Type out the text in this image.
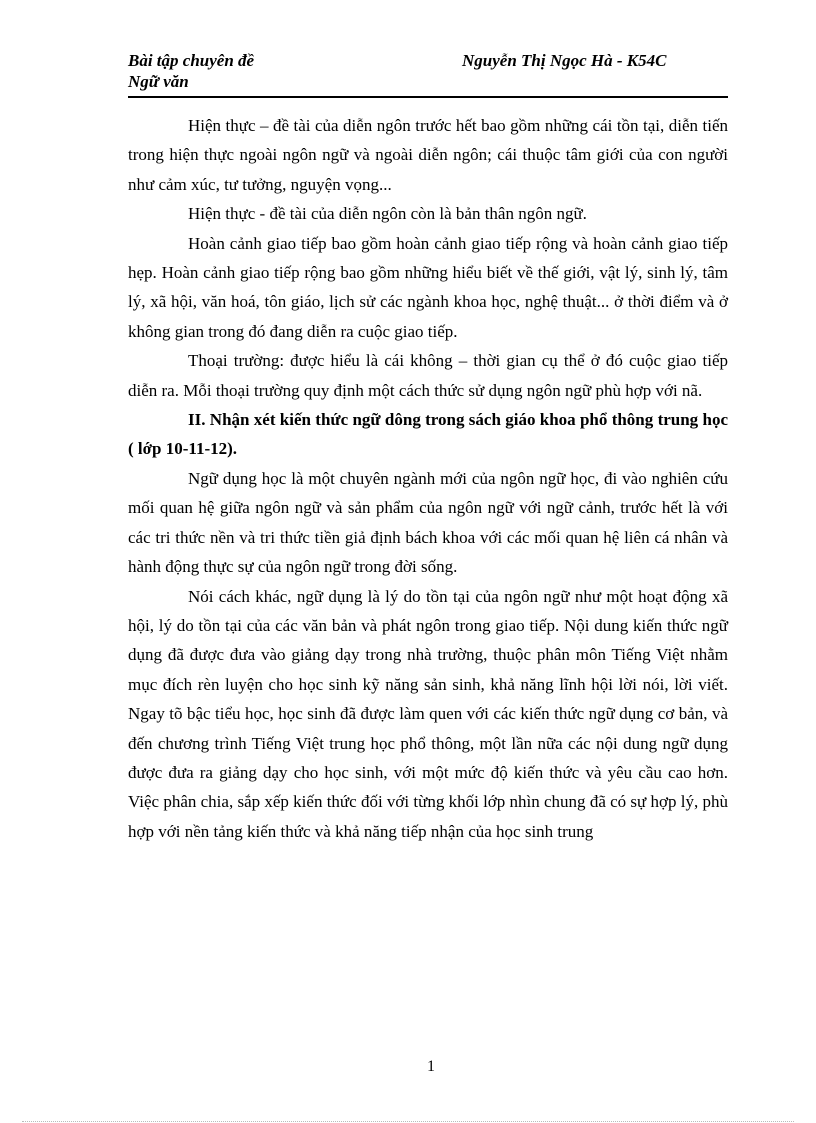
Bài tập chuyên đề
Ngữ văn
Nguyễn Thị Ngọc Hà - K54C

Hiện thực – đề tài của diễn ngôn trước hết bao gồm những cái tồn tại, diễn tiến trong hiện thực ngoài ngôn ngữ và ngoài diễn ngôn; cái thuộc tâm giới của con người như cảm xúc, tư tưởng, nguyện vọng...

Hiện thực - đề tài của diễn ngôn còn là bản thân ngôn ngữ.

Hoàn cảnh giao tiếp bao gồm hoàn cảnh giao tiếp rộng và hoàn cảnh giao tiếp hẹp. Hoàn cảnh giao tiếp rộng bao gồm những hiểu biết về thế giới, vật lý, sinh lý, tâm lý, xã hội, văn hoá, tôn giáo, lịch sử các ngành khoa học, nghệ thuật... ở thời điểm và ở không gian trong đó đang diễn ra cuộc giao tiếp.

Thoại trường: được hiểu là cái không – thời gian cụ thể ở đó cuộc giao tiếp diễn ra. Mỗi thoại trường quy định một cách thức sử dụng ngôn ngữ phù hợp với nã.

II. Nhận xét kiến thức ngữ dông trong sách giáo khoa phổ thông trung học ( lớp 10-11-12).

Ngữ dụng học là một chuyên ngành mới của ngôn ngữ học, đi vào nghiên cứu mối quan hệ giữa ngôn ngữ và sản phẩm của ngôn ngữ với ngữ cảnh, trước hết là với các tri thức nền và tri thức tiền giả định bách khoa với các mối quan hệ liên cá nhân và hành động thực sự của ngôn ngữ trong đời sống.

Nói cách khác, ngữ dụng là lý do tồn tại của ngôn ngữ như một hoạt động xã hội, lý do tồn tại của các văn bản và phát ngôn trong giao tiếp. Nội dung kiến thức ngữ dụng đã được đưa vào giảng dạy trong nhà trường, thuộc phân môn Tiếng Việt nhằm mục đích rèn luyện cho học sinh kỹ năng sản sinh, khả năng lĩnh hội lời nói, lời viết. Ngay tõ bậc tiểu học, học sinh đã được làm quen với các kiến thức ngữ dụng cơ bản, và đến chương trình Tiếng Việt trung học phổ thông, một lần nữa các nội dung ngữ dụng được đưa ra giảng dạy cho học sinh, với một mức độ kiến thức và yêu cầu cao hơn. Việc phân chia, sắp xếp kiến thức đối với từng khối lớp nhìn chung đã có sự hợp lý, phù hợp với nền tảng kiến thức và khả năng tiếp nhận của học sinh trung

1
